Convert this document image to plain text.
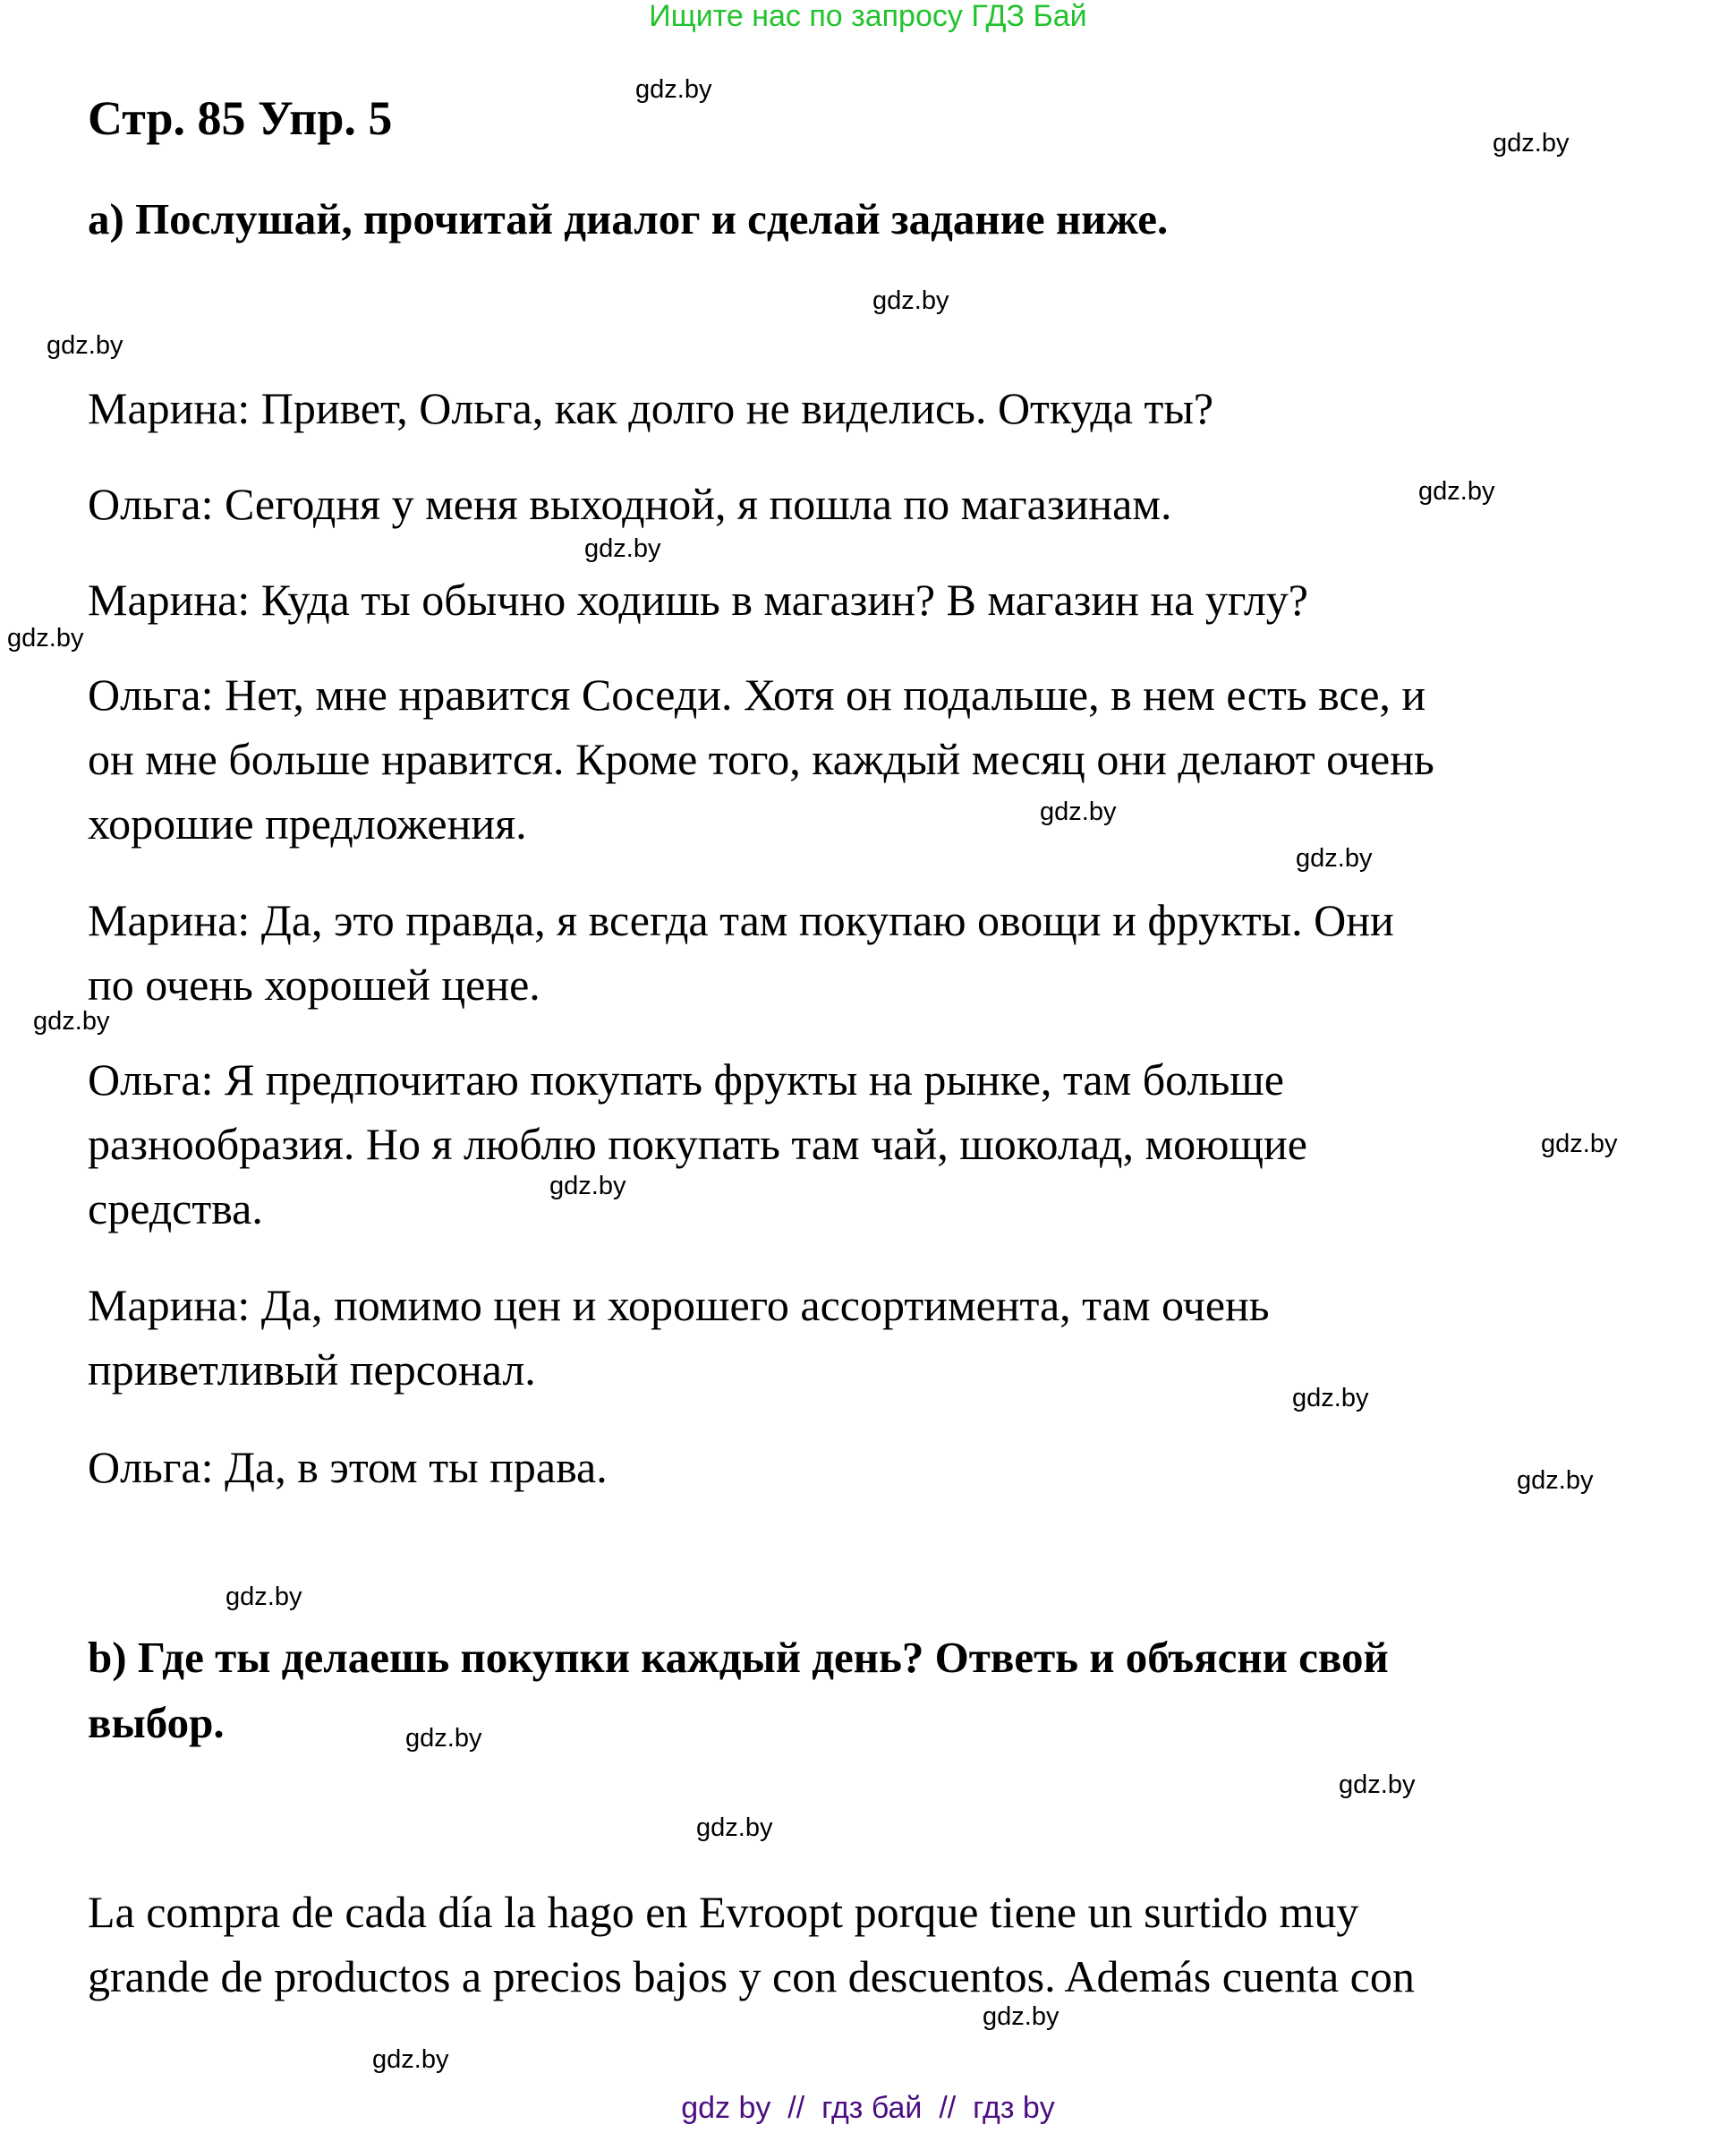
Ищите нас по запросу ГДЗ Бай
Стр. 85 Упр. 5
a) Послушай, прочитай диалог и сделай задание ниже.
Марина: Привет, Ольга, как долго не виделись. Откуда ты?
Ольга: Сегодня у меня выходной, я пошла по магазинам.
Марина: Куда ты обычно ходишь в магазин? В магазин на углу?
Ольга: Нет, мне нравится Соседи. Хотя он подальше, в нем есть все, и
он мне больше нравится. Кроме того, каждый месяц они делают очень
хорошие предложения.
Марина: Да, это правда, я всегда там покупаю овощи и фрукты. Они
по очень хорошей цене.
Ольга: Я предпочитаю покупать фрукты на рынке, там больше
разнообразия. Но я люблю покупать там чай, шоколад, моющие
средства.
Марина: Да, помимо цен и хорошего ассортимента, там очень
приветливый персонал.
Ольга: Да, в этом ты права.
b) Где ты делаешь покупки каждый день? Ответь и объясни свой
выбор.
La compra de cada día la hago en Evroopt porque tiene un surtido muy
grande de productos a precios bajos y con descuentos. Además cuenta con
gdz.by
gdz.by
gdz.by
gdz.by
gdz.by
gdz.by
gdz.by
gdz.by
gdz.by
gdz.by
gdz.by
gdz.by
gdz.by
gdz.by
gdz.by
gdz.by
gdz.by
gdz.by
gdz.by
gdz.by
gdz by  //  гдз бай  //  гдз by
